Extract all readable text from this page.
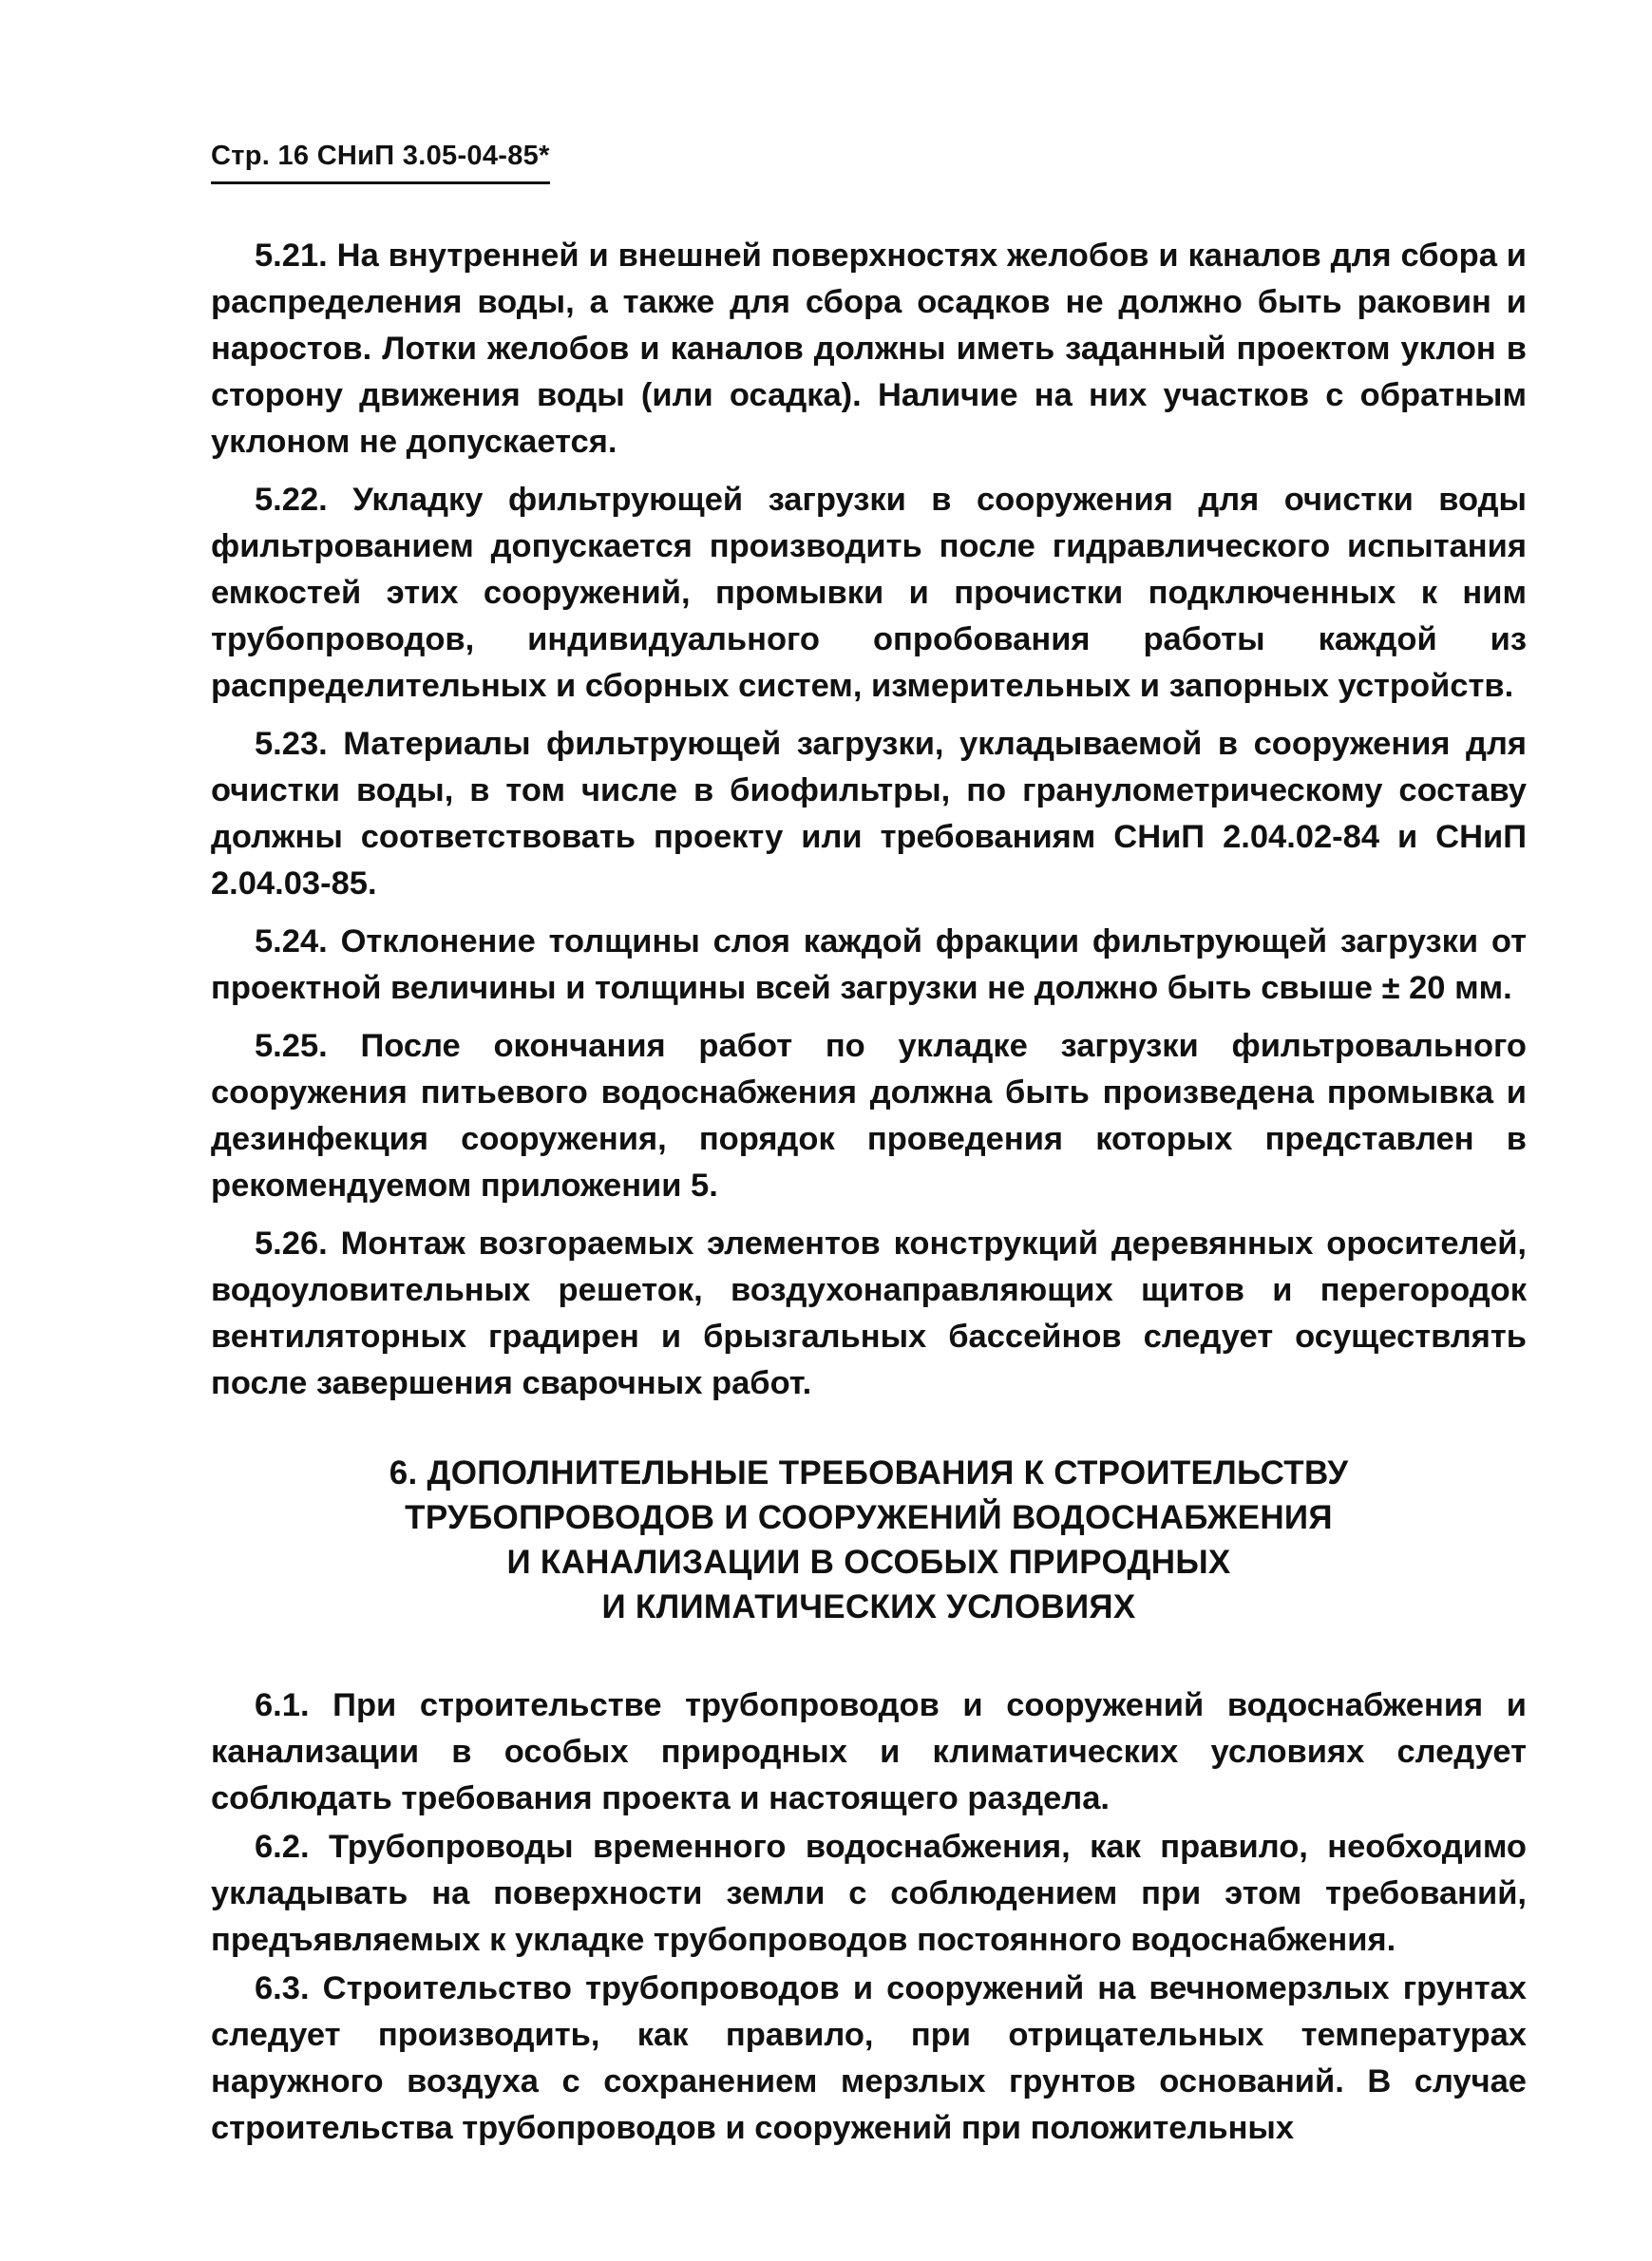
Стр. 16 СНиП 3.05-04-85*

5.21. На внутренней и внешней поверхностях желобов и каналов для сбора и распределения воды, а также для сбора осадков не должно быть раковин и наростов. Лотки желобов и каналов должны иметь заданный проектом уклон в сторону движения воды (или осадка). Наличие на них участков с обратным уклоном не допускается.

5.22. Укладку фильтрующей загрузки в сооружения для очистки воды фильтрованием допускается производить после гидравлического испытания емкостей этих сооружений, промывки и прочистки подключенных к ним трубопроводов, индивидуального опробования работы каждой из распределительных и сборных систем, измерительных и запорных устройств.

5.23. Материалы фильтрующей загрузки, укладываемой в сооружения для очистки воды, в том числе в биофильтры, по гранулометрическому составу должны соответствовать проекту или требованиям СНиП 2.04.02-84 и СНиП 2.04.03-85.

5.24. Отклонение толщины слоя каждой фракции фильтрующей загрузки от проектной величины и толщины всей загрузки не должно быть свыше ± 20 мм.

5.25. После окончания работ по укладке загрузки фильтровального сооружения питьевого водоснабжения должна быть произведена промывка и дезинфекция сооружения, порядок проведения которых представлен в рекомендуемом приложении 5.

5.26. Монтаж возгораемых элементов конструкций деревянных оросителей, водоуловительных решеток, воздухонаправляющих щитов и перегородок вентиляторных градирен и брызгальных бассейнов следует осуществлять после завершения сварочных работ.

6. ДОПОЛНИТЕЛЬНЫЕ ТРЕБОВАНИЯ К СТРОИТЕЛЬСТВУ
ТРУБОПРОВОДОВ И СООРУЖЕНИЙ ВОДОСНАБЖЕНИЯ
И КАНАЛИЗАЦИИ В ОСОБЫХ ПРИРОДНЫХ
И КЛИМАТИЧЕСКИХ УСЛОВИЯХ

6.1. При строительстве трубопроводов и сооружений водоснабжения и канализации в особых природных и климатических условиях следует соблюдать требования проекта и настоящего раздела.

6.2. Трубопроводы временного водоснабжения, как правило, необходимо укладывать на поверхности земли с соблюдением при этом требований, предъявляемых к укладке трубопроводов постоянного водоснабжения.

6.3. Строительство трубопроводов и сооружений на вечномерзлых грунтах следует производить, как правило, при отрицательных температурах наружного воздуха с сохранением мерзлых грунтов оснований. В случае строительства трубопроводов и сооружений при положительных
